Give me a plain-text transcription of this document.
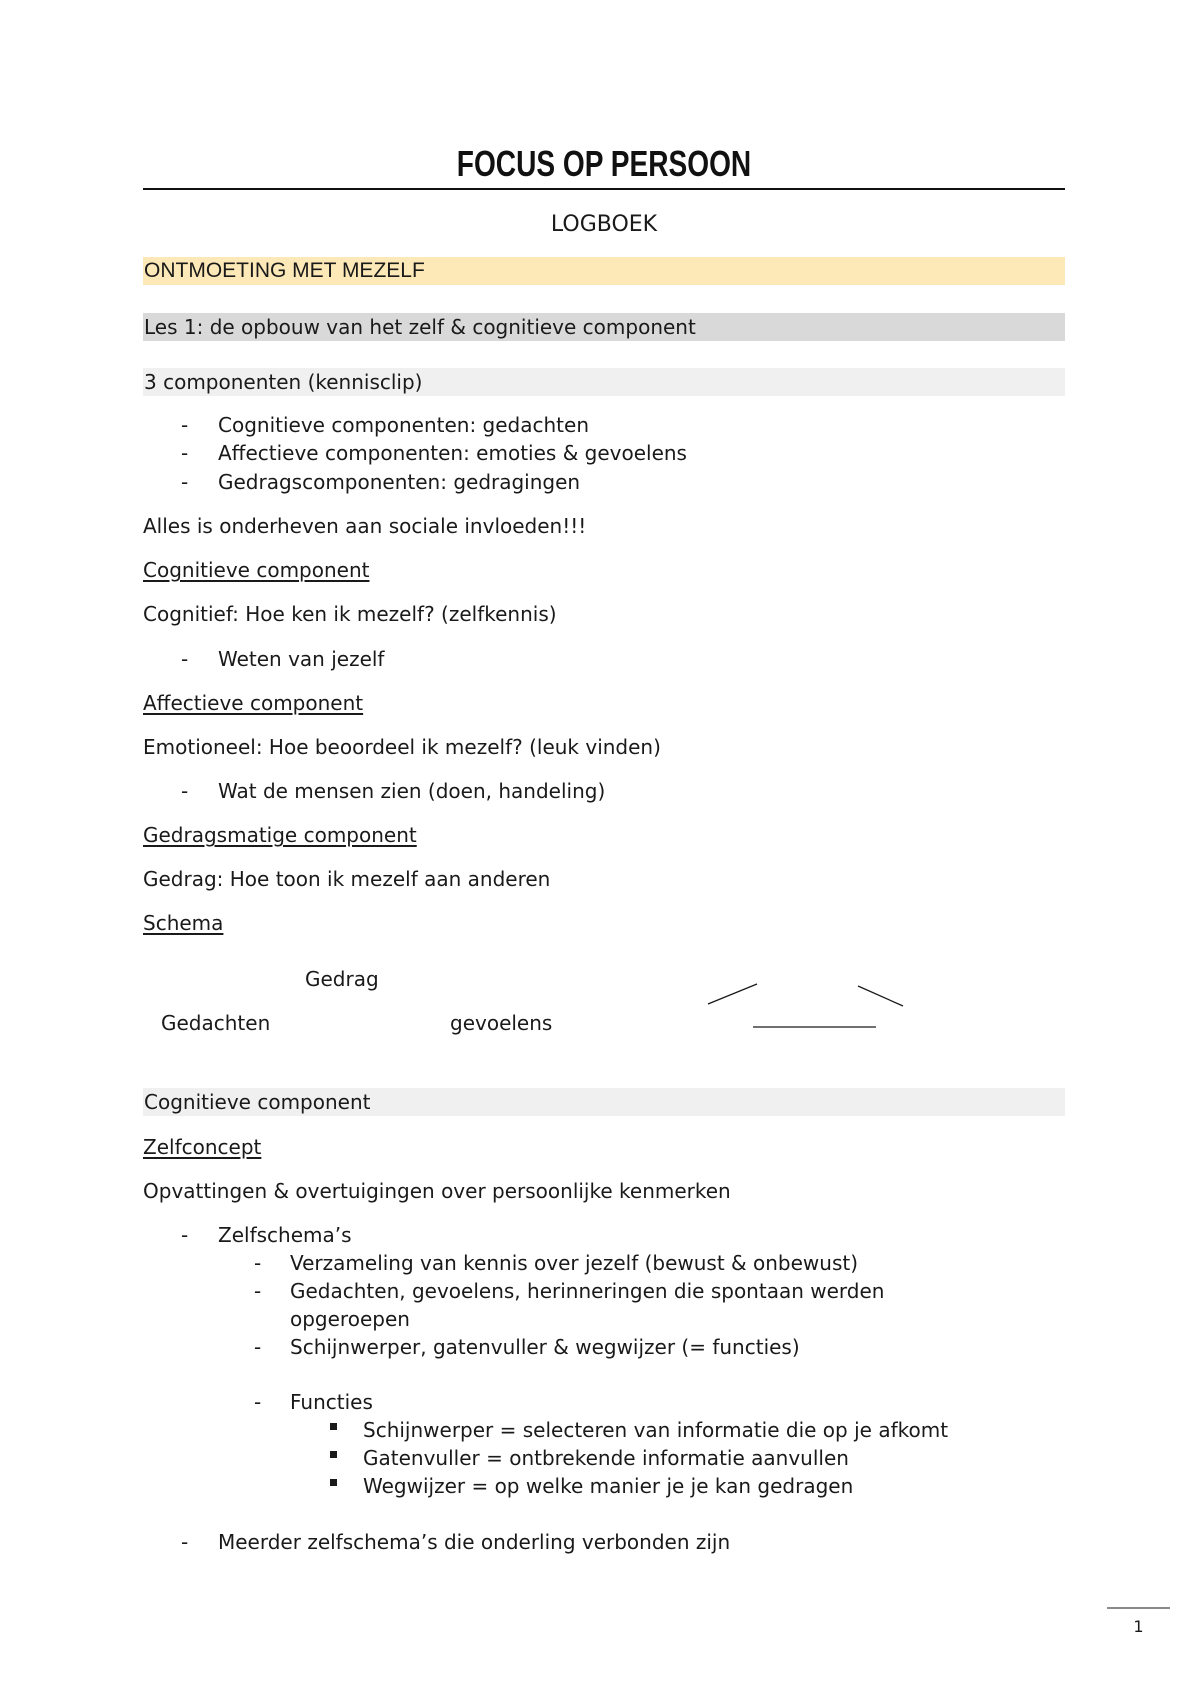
FOCUS OP PERSOON
LOGBOEK
ONTMOETING MET MEZELF
Les 1: de opbouw van het zelf & cognitieve component
3 componenten (kennisclip)
- Cognitieve componenten: gedachten
- Affectieve componenten: emoties & gevoelens
- Gedragscomponenten: gedragingen
Alles is onderheven aan sociale invloeden!!!
Cognitieve component
Cognitief: Hoe ken ik mezelf? (zelfkennis)
- Weten van jezelf
Affectieve component
Emotioneel: Hoe beoordeel ik mezelf? (leuk vinden)
- Wat de mensen zien (doen, handeling)
Gedragsmatige component
Gedrag: Hoe toon ik mezelf aan anderen
Schema
Gedrag
Gedachten	gevoelens
Cognitieve component
Zelfconcept
Opvattingen & overtuigingen over persoonlijke kenmerken
- Zelfschema’s
- Verzameling van kennis over jezelf (bewust & onbewust)
- Gedachten, gevoelens, herinneringen die spontaan werden
opgeroepen
- Schijnwerper, gatenvuller & wegwijzer (= functies)
- Functies
Schijnwerper = selecteren van informatie die op je afkomt
Gatenvuller = ontbrekende informatie aanvullen
Wegwijzer = op welke manier je je kan gedragen
- Meerder zelfschema’s die onderling verbonden zijn
1
